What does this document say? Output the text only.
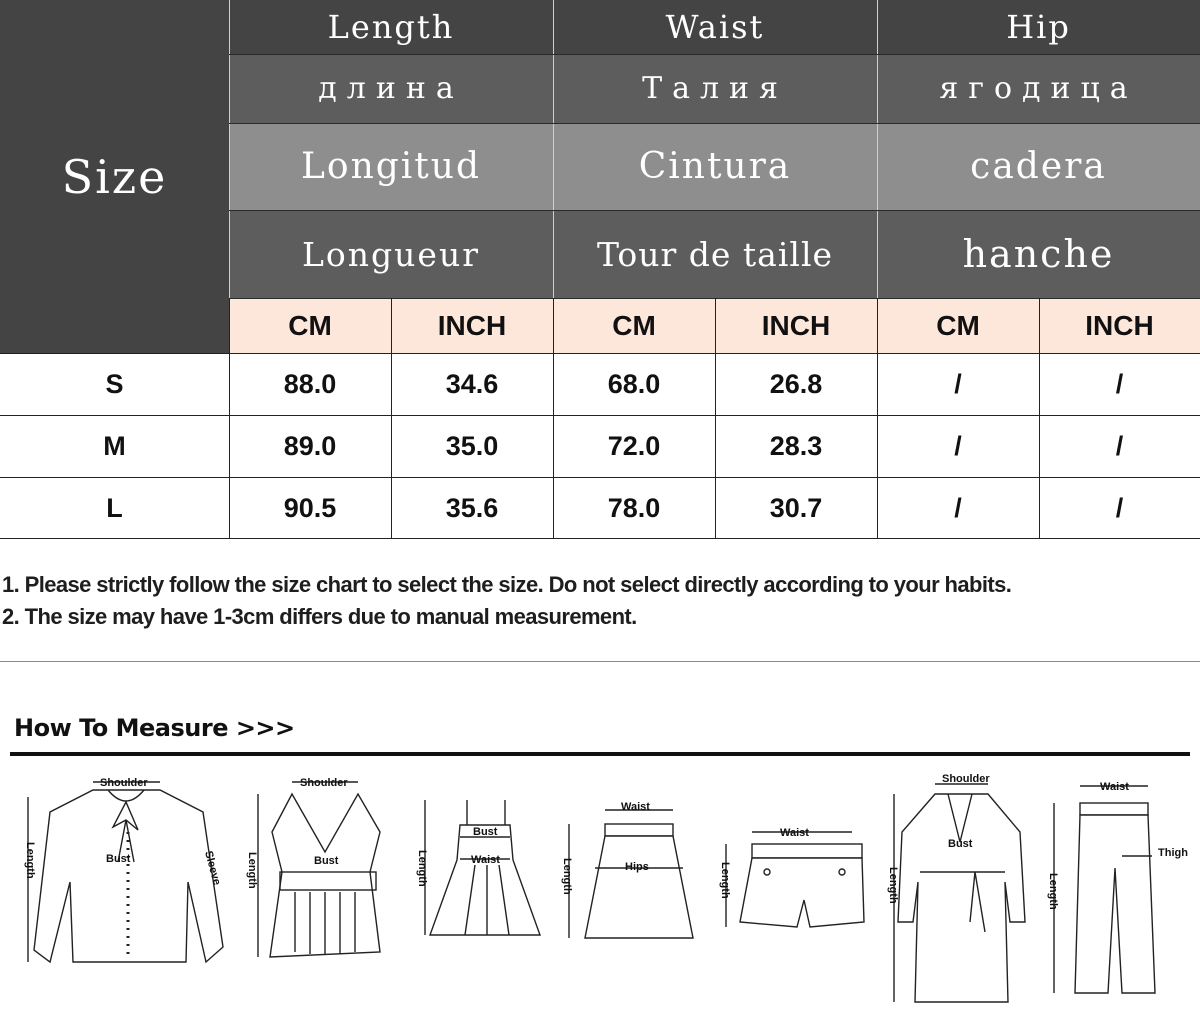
Size
Length	Waist	Hip
длина	Талия	ягодица
Longitud	Cintura	cadera
Longueur	Tour de taille	hanche
CM	INCH	CM	INCH	CM	INCH
S	88.0	34.6	68.0	26.8	/	/
M	89.0	35.0	72.0	28.3	/	/
L	90.5	35.6	78.0	30.7	/	/
1. Please strictly follow the size chart to select the size. Do not select directly according to your habits.
2. The size may have 1-3cm differs due to manual measurement.
How To Measure >>>
Shoulder
Bust
Length	Sleeve
Shoulder
Bust
Length
Bust
Waist
Length
Waist
Hips
Length
Waist
Length
Shoulder
Bust
Length
Waist
Thigh
Length
